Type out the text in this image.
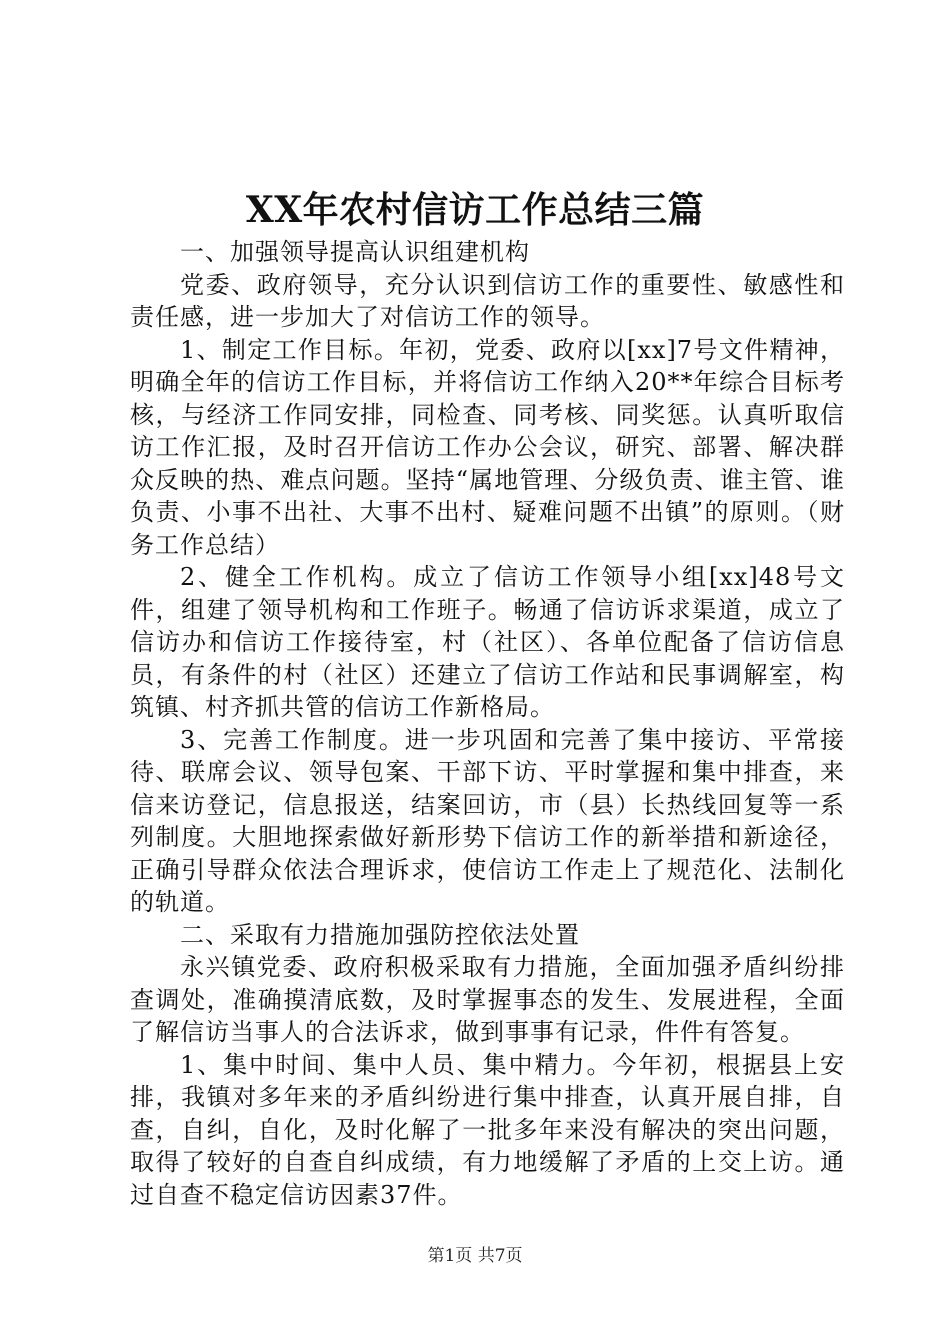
XX年农村信访工作总结三篇

一、加强领导提高认识组建机构

党委、政府领导，充分认识到信访工作的重要性、敏感性和责任感，进一步加大了对信访工作的领导。

1、制定工作目标。年初，党委、政府以[xx]7号文件精神，明确全年的信访工作目标，并将信访工作纳入20**年综合目标考核，与经济工作同安排，同检查、同考核、同奖惩。认真听取信访工作汇报，及时召开信访工作办公会议，研究、部署、解决群众反映的热、难点问题。坚持“属地管理、分级负责、谁主管、谁负责、小事不出社、大事不出村、疑难问题不出镇”的原则。（财务工作总结）

2、健全工作机构。成立了信访工作领导小组[xx]48号文件，组建了领导机构和工作班子。畅通了信访诉求渠道，成立了信访办和信访工作接待室，村（社区）、各单位配备了信访信息员，有条件的村（社区）还建立了信访工作站和民事调解室，构筑镇、村齐抓共管的信访工作新格局。

3、完善工作制度。进一步巩固和完善了集中接访、平常接待、联席会议、领导包案、干部下访、平时掌握和集中排查，来信来访登记，信息报送，结案回访，市（县）长热线回复等一系列制度。大胆地探索做好新形势下信访工作的新举措和新途径，正确引导群众依法合理诉求，使信访工作走上了规范化、法制化的轨道。

二、采取有力措施加强防控依法处置

永兴镇党委、政府积极采取有力措施，全面加强矛盾纠纷排查调处，准确摸清底数，及时掌握事态的发生、发展进程，全面了解信访当事人的合法诉求，做到事事有记录，件件有答复。

1、集中时间、集中人员、集中精力。今年初，根据县上安排，我镇对多年来的矛盾纠纷进行集中排查，认真开展自排，自查，自纠，自化，及时化解了一批多年来没有解决的突出问题，取得了较好的自查自纠成绩，有力地缓解了矛盾的上交上访。通过自查不稳定信访因素37件。

第1页 共7页
